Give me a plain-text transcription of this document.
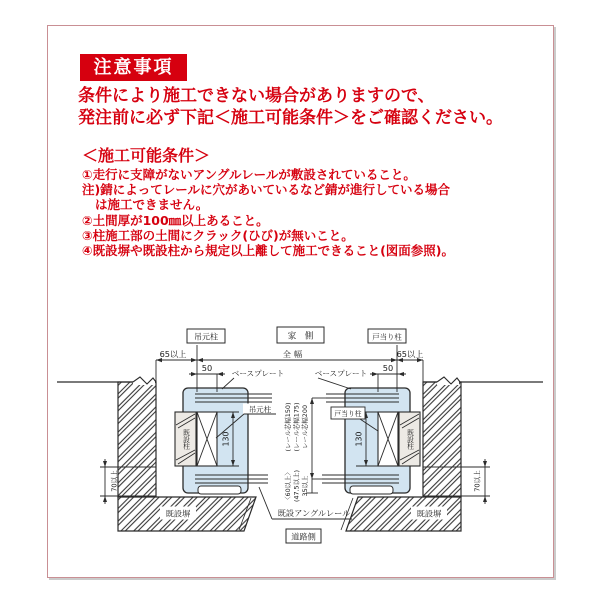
注意事項
条件により施工できない場合がありますので、
発注前に必ず下記＜施工可能条件＞をご確認ください。
＜施工可能条件＞
①走行に支障がないアングルレールが敷設されていること。
注)錆によってレールに穴があいているなど錆が進行している場合
は施工できません。
②土間厚が100㎜以上あること。
③柱施工部の土間にクラック(ひび)が無いこと。
④既設塀や既設柱から規定以上離して施工できること(図面参照)。
既設塀	既設塀
既設柱	既設柱
65以上	全幅	65以上
50	50
130	130
70以上	70以上
(レール芯幅150) (レール芯幅175) レール芯幅200
〈60以上〉 (47.5以上) 35以上
吊元柱	家　側	戸当り柱
ベースプレート	ベースプレート
吊元柱	戸当り柱
既設アングルレール
道路側
